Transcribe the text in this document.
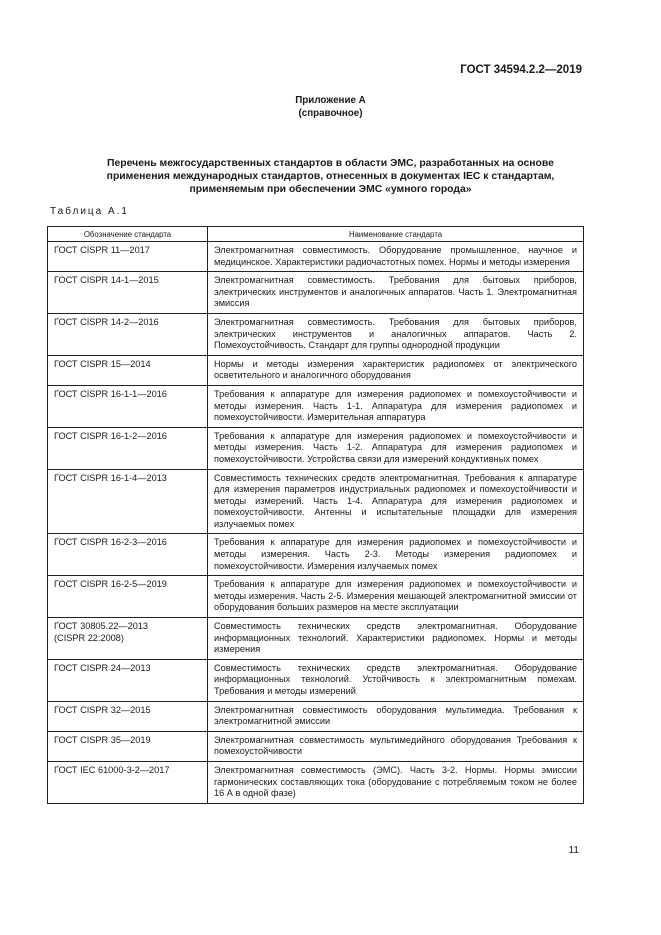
ГОСТ 34594.2.2—2019
Приложение А
(справочное)
Перечень межгосударственных стандартов в области ЭМС, разработанных на основе
применения международных стандартов, отнесенных в документах IEC к стандартам,
применяемым при обеспечении ЭМС «умного города»
Таблица А.1
Обозначение стандарта	Наименование стандарта

ГОСТ CISPR 11—2017	Электромагнитная совместимость. Оборудование промышленное, научное и медицинское. Характеристики радиочастотных помех. Нормы и методы измерения

ГОСТ CISPR 14-1—2015	Электромагнитная совместимость. Требования для бытовых приборов, электрических инструментов и аналогичных аппаратов. Часть 1. Электромагнитная эмиссия

ГОСТ CISPR 14-2—2016	Электромагнитная совместимость. Требования для бытовых приборов, электрических инструментов и аналогичных аппаратов. Часть 2. Помехоустойчивость. Стандарт для группы однородной продукции

ГОСТ CISPR 15—2014	Нормы и методы измерения характеристик радиопомех от электрического осветительного и аналогичного оборудования

ГОСТ CISPR 16-1-1—2016	Требования к аппаратуре для измерения радиопомех и помехоустойчивости и методы измерения. Часть 1-1. Аппаратура для измерения радиопомех и помехоустойчивости. Измерительная аппаратура

ГОСТ CISPR 16-1-2—2016	Требования к аппаратуре для измерения радиопомех и помехоустойчивости и методы измерения. Часть 1-2. Аппаратура для измерения радиопомех и помехоустойчивости. Устройства связи для измерений кондуктивных помех

ГОСТ CISPR 16-1-4—2013	Совместимость технических средств электромагнитная. Требования к аппаратуре для измерения параметров индустриальных радиопомех и помехоустойчивости и методы измерений. Часть 1-4. Аппаратура для измерения радиопомех и помехоустойчивости. Антенны и испытательные площадки для измерения излучаемых помех

ГОСТ CISPR 16-2-3—2016	Требования к аппаратуре для измерения радиопомех и помехоустойчивости и методы измерения. Часть 2-3. Методы измерения радиопомех и помехоустойчивости. Измерения излучаемых помех

ГОСТ CISPR 16-2-5—2019	Требования к аппаратуре для измерения радиопомех и помехоустойчивости и методы измерения. Часть 2-5. Измерения мешающей электромагнитной эмиссии от оборудования больших размеров на месте эксплуатации

ГОСТ 30805.22—2013
(CISPR 22:2008)	Совместимость технических средств электромагнитная. Оборудование информационных технологий. Характеристики радиопомех. Нормы и методы измерения

ГОСТ CISPR 24—2013	Совместимость технических средств электромагнитная. Оборудование информационных технологий. Устойчивость к электромагнитным помехам. Требования и методы измерений

ГОСТ CISPR 32—2015	Электромагнитная совместимость оборудования мультимедиа. Требования к электромагнитной эмиссии

ГОСТ CISPR 35—2019	Электромагнитная совместимость мультимедийного оборудования Требования к помехоустойчивости

ГОСТ IEC 61000-3-2—2017	Электромагнитная совместимость (ЭМС). Часть 3-2. Нормы. Нормы эмиссии гармонических составляющих тока (оборудование с потребляемым током не более 16 А в одной фазе)
11
